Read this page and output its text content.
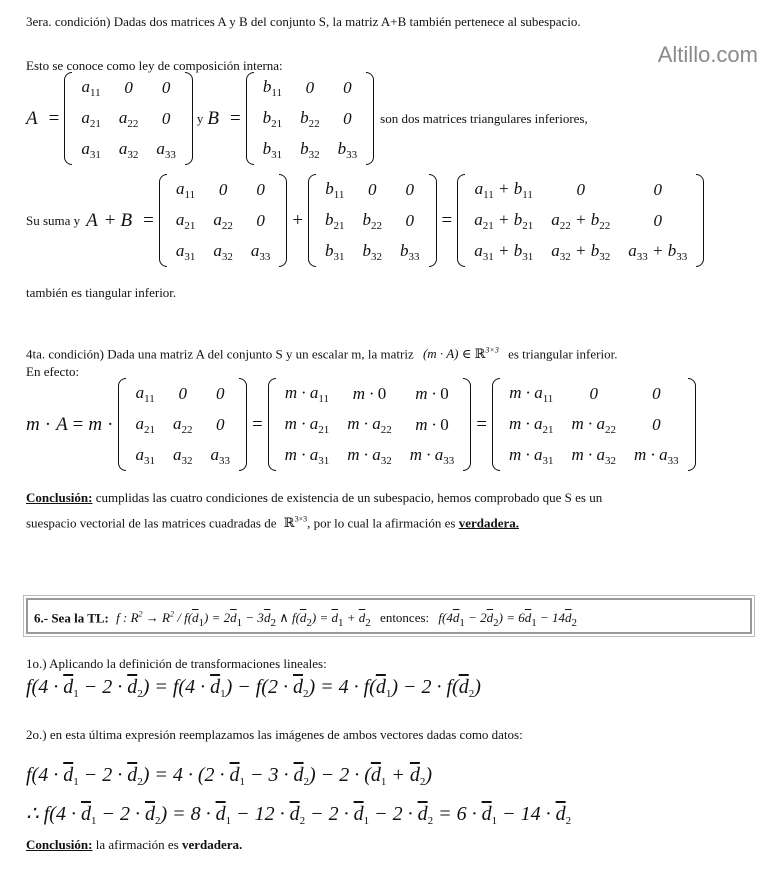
Altillo.com
3era. condición) Dadas dos matrices A y B del conjunto S, la matriz A+B también pertenece al subespacio.
Esto se conoce como ley de composición interna:
A =
$a_{11}$	0	0
$a_{21}$	$a_{22}$	0
$a_{31}$	$a_{32}$	$a_{33}$
y B =
$b_{11}$	0	0
$b_{21}$	$b_{22}$	0
$b_{31}$	$b_{32}$	$b_{33}$
son dos matrices triangulares inferiores,
Su suma y A + B =
$a_{11}$	0	0
$a_{21}$	$a_{22}$	0
$a_{31}$	$a_{32}$	$a_{33}$
+
$b_{11}$	0	0
$b_{21}$	$b_{22}$	0
$b_{31}$	$b_{32}$	$b_{33}$
=
$a_{11} + b_{11}$	0	0
$a_{21} + b_{21}$	$a_{22} + b_{22}$	0
$a_{31} + b_{31}$	$a_{32} + b_{32}$	$a_{33} + b_{33}$
también es tiangular inferior.
4ta. condición) Dada una matriz A del conjunto S y un escalar m, la matriz (m · A) ∈ ℝ$^{3\times 3}$ es triangular inferior.
En efecto:
m · A = m ·
$a_{11}$	0	0
$a_{21}$	$a_{22}$	0
$a_{31}$	$a_{32}$	$a_{33}$
=
$m \cdot a_{11}$	m · 0	m · 0
$m \cdot a_{21}$	$m \cdot a_{22}$	m · 0
$m \cdot a_{31}$	$m \cdot a_{32}$	$m \cdot a_{33}$
=
$m \cdot a_{11}$	0	0
$m \cdot a_{21}$	$m \cdot a_{22}$	0
$m \cdot a_{31}$	$m \cdot a_{32}$	$m \cdot a_{33}$
Conclusión: cumplidas las cuatro condiciones de existencia de un subespacio, hemos comprobado que S es un
suespacio vectorial de las matrices cuadradas de ℝ$^{3\times 3}$, por lo cual la afirmación es verdadera.
6.- Sea la TL: f : $R^2 \to R^2 / f(\overline{d}_1) = 2\overline{d}_1 - 3\overline{d}_2$ ∧ $f(\overline{d}_2) = \overline{d}_1 + \overline{d}_2$ entonces: $f(4\overline{d}_1 - 2\overline{d}_2) = 6\overline{d}_1 - 14\overline{d}_2$
1o.) Aplicando la definición de transformaciones lineales:
$f(4 \cdot \overline{d}_1 - 2 \cdot \overline{d}_2) = f(4 \cdot \overline{d}_1) - f(2 \cdot \overline{d}_2) = 4 \cdot f(\overline{d}_1) - 2 \cdot f(\overline{d}_2)$
2o.) en esta última expresión reemplazamos las imágenes de ambos vectores dadas como datos:
$f(4 \cdot \overline{d}_1 - 2 \cdot \overline{d}_2) = 4 \cdot (2 \cdot \overline{d}_1 - 3 \cdot \overline{d}_2) - 2 \cdot (\overline{d}_1 + \overline{d}_2)$
∴ $f(4 \cdot \overline{d}_1 - 2 \cdot \overline{d}_2) = 8 \cdot \overline{d}_1 - 12 \cdot \overline{d}_2 - 2 \cdot \overline{d}_1 - 2 \cdot \overline{d}_2 = 6 \cdot \overline{d}_1 - 14 \cdot \overline{d}_2$
Conclusión: la afirmación es verdadera.
